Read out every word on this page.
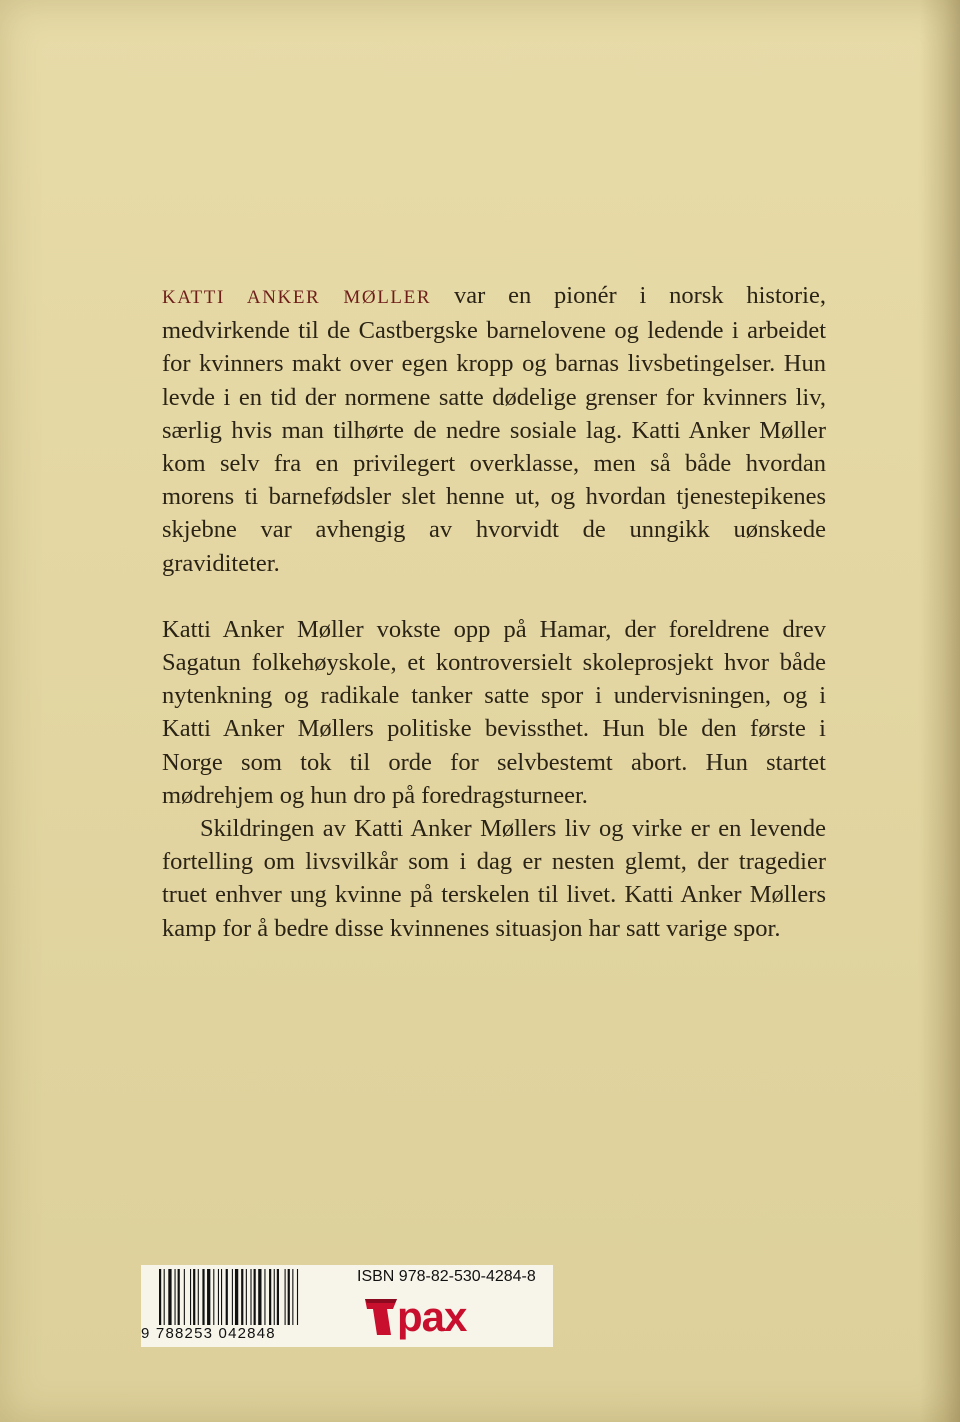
KATTI ANKER MØLLER var en pionér i norsk historie, medvirkende til de Castbergske barnelovene og ledende i arbeidet for kvinners makt over egen kropp og barnas livsbetingelser. Hun levde i en tid der normene satte dødelige grenser for kvinners liv, særlig hvis man tilhørte de nedre sosiale lag. Katti Anker Møller kom selv fra en privilegert overklasse, men så både hvordan morens ti barnefødsler slet henne ut, og hvordan tjenestepikenes skjebne var avhengig av hvorvidt de unngikk uønskede graviditeter.

Katti Anker Møller vokste opp på Hamar, der foreldrene drev Sagatun folkehøyskole, et kontroversielt skoleprosjekt hvor både nytenkning og radikale tanker satte spor i undervisningen, og i Katti Anker Møllers politiske bevissthet. Hun ble den første i Norge som tok til orde for selvbestemt abort. Hun startet mødrehjem og hun dro på foredragsturneer.

Skildringen av Katti Anker Møllers liv og virke er en levende fortelling om livsvilkår som i dag er nesten glemt, der tragedier truet enhver ung kvinne på terskelen til livet. Katti Anker Møllers kamp for å bedre disse kvinnenes situasjon har satt varige spor.

9 788253 042848
ISBN 978-82-530-4284-8
pax
